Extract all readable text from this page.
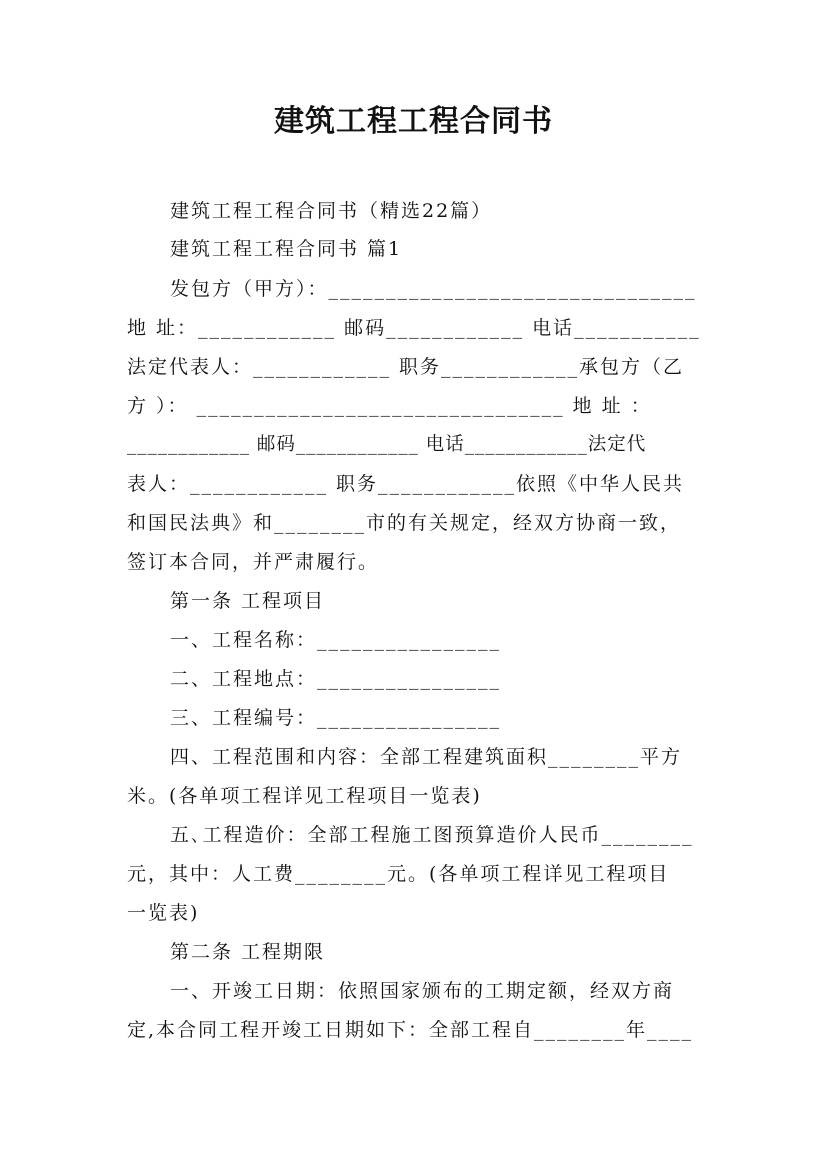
建筑工程工程合同书
建筑工程工程合同书（精选22篇）
建筑工程工程合同书 篇1
发包方（甲方）：________________________________
地 址：____________ 邮码____________ 电话___________
法定代表人：____________ 职务____________承包方（乙
方 ）： ________________________________ 地 址 ：
____________ 邮码____________ 电话____________法定代
表人：____________ 职务____________依照《中华人民共
和国民法典》和________市的有关规定，经双方协商一致，
签订本合同，并严肃履行。
第一条 工程项目
一、工程名称：________________
二、工程地点：________________
三、工程编号：________________
四、工程范围和内容：全部工程建筑面积________平方
米。(各单项工程详见工程项目一览表)
五､工程造价：全部工程施工图预算造价人民币________
元，其中：人工费________元。(各单项工程详见工程项目
一览表)
第二条 工程期限
一、开竣工日期：依照国家颁布的工期定额，经双方商
定,本合同工程开竣工日期如下：全部工程自________年____
